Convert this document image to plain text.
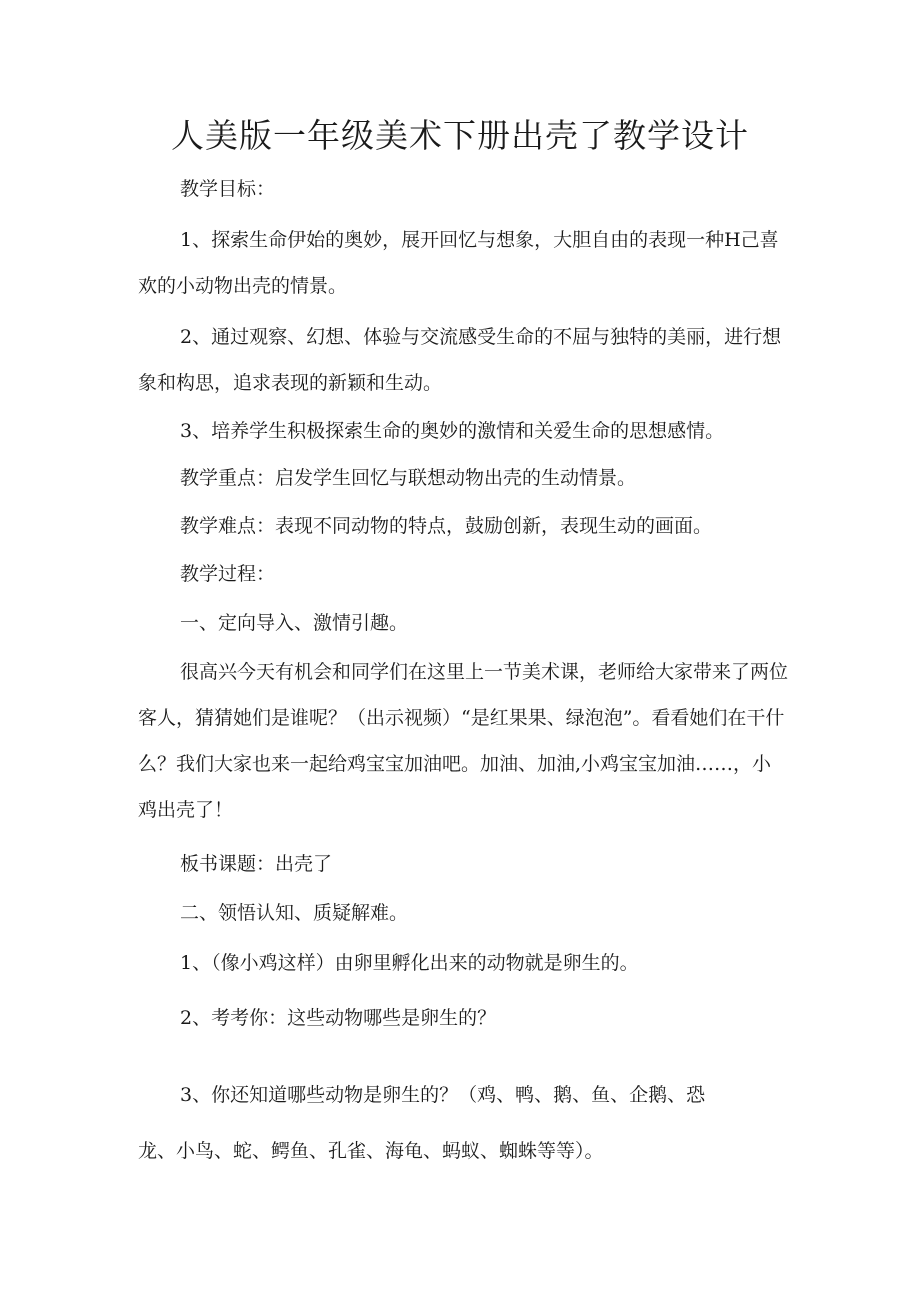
人美版一年级美术下册出壳了教学设计
教学目标：

1、探索生命伊始的奥妙，展开回忆与想象，大胆自由的表现一种H己喜欢的小动物出壳的情景。

2、通过观察、幻想、体验与交流感受生命的不屈与独特的美丽，进行想象和构思，追求表现的新颖和生动。

3、培养学生积极探索生命的奥妙的激情和关爱生命的思想感情。
教学重点：启发学生回忆与联想动物出壳的生动情景。
教学难点：表现不同动物的特点，鼓励创新，表现生动的画面。
教学过程：
一、定向导入、激情引趣。

很高兴今天有机会和同学们在这里上一节美术课，老师给大家带来了两位客人，猜猜她们是谁呢？（出示视频）“是红果果、绿泡泡”。看看她们在干什么？我们大家也来一起给鸡宝宝加油吧。加油、加油,小鸡宝宝加油……，小鸡出壳了！

板书课题：出壳了
二、领悟认知、质疑解难。
1、（像小鸡这样）由卵里孵化出来的动物就是卵生的。
2、考考你：这些动物哪些是卵生的？
3、你还知道哪些动物是卵生的？（鸡、鸭、鹅、鱼、企鹅、恐
龙、小鸟、蛇、鳄鱼、孔雀、海龟、蚂蚁、蜘蛛等等）。
